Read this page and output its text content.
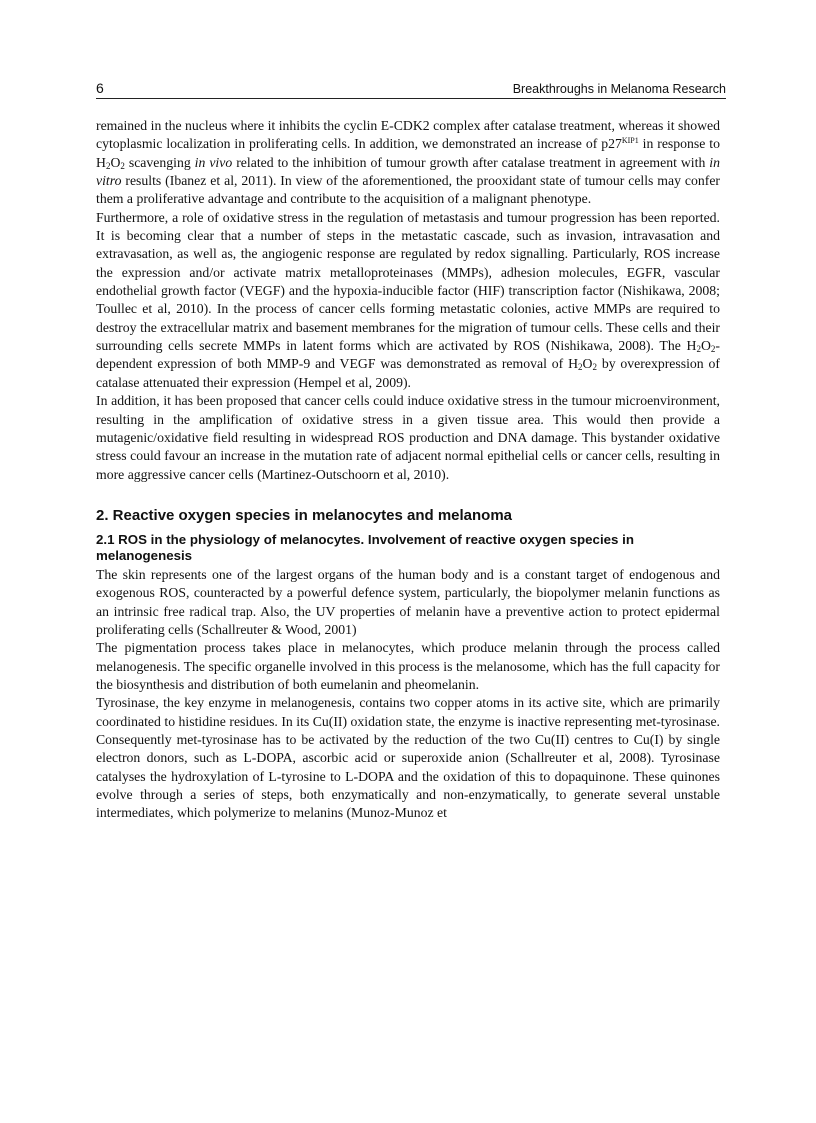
6	Breakthroughs in Melanoma Research

remained in the nucleus where it inhibits the cyclin E-CDK2 complex after catalase treatment, whereas it showed cytoplasmic localization in proliferating cells. In addition, we demonstrated an increase of $p27^{KIP1}$ in response to $H_2O_2$ scavenging in vivo related to the inhibition of tumour growth after catalase treatment in agreement with in vitro results (Ibanez et al, 2011). In view of the aforementioned, the prooxidant state of tumour cells may confer them a proliferative advantage and contribute to the acquisition of a malignant phenotype.

Furthermore, a role of oxidative stress in the regulation of metastasis and tumour progression has been reported. It is becoming clear that a number of steps in the metastatic cascade, such as invasion, intravasation and extravasation, as well as, the angiogenic response are regulated by redox signalling. Particularly, ROS increase the expression and/or activate matrix metalloproteinases (MMPs), adhesion molecules, EGFR, vascular endothelial growth factor (VEGF) and the hypoxia-inducible factor (HIF) transcription factor (Nishikawa, 2008; Toullec et al, 2010). In the process of cancer cells forming metastatic colonies, active MMPs are required to destroy the extracellular matrix and basement membranes for the migration of tumour cells. These cells and their surrounding cells secrete MMPs in latent forms which are activated by ROS (Nishikawa, 2008). The $H_2O_2$-dependent expression of both MMP-9 and VEGF was demonstrated as removal of $H_2O_2$ by overexpression of catalase attenuated their expression (Hempel et al, 2009).

In addition, it has been proposed that cancer cells could induce oxidative stress in the tumour microenvironment, resulting in the amplification of oxidative stress in a given tissue area. This would then provide a mutagenic/oxidative field resulting in widespread ROS production and DNA damage. This bystander oxidative stress could favour an increase in the mutation rate of adjacent normal epithelial cells or cancer cells, resulting in more aggressive cancer cells (Martinez-Outschoorn et al, 2010).

2. Reactive oxygen species in melanocytes and melanoma
2.1 ROS in the physiology of melanocytes. Involvement of reactive oxygen species in melanogenesis

The skin represents one of the largest organs of the human body and is a constant target of endogenous and exogenous ROS, counteracted by a powerful defence system, particularly, the biopolymer melanin functions as an intrinsic free radical trap. Also, the UV properties of melanin have a preventive action to protect epidermal proliferating cells (Schallreuter & Wood, 2001)

The pigmentation process takes place in melanocytes, which produce melanin through the process called melanogenesis. The specific organelle involved in this process is the melanosome, which has the full capacity for the biosynthesis and distribution of both eumelanin and pheomelanin.

Tyrosinase, the key enzyme in melanogenesis, contains two copper atoms in its active site, which are primarily coordinated to histidine residues. In its Cu(II) oxidation state, the enzyme is inactive representing met-tyrosinase. Consequently met-tyrosinase has to be activated by the reduction of the two Cu(II) centres to Cu(I) by single electron donors, such as L-DOPA, ascorbic acid or superoxide anion (Schallreuter et al, 2008). Tyrosinase catalyses the hydroxylation of L-tyrosine to L-DOPA and the oxidation of this to dopaquinone. These quinones evolve through a series of steps, both enzymatically and non-enzymatically, to generate several unstable intermediates, which polymerize to melanins (Munoz-Munoz et
